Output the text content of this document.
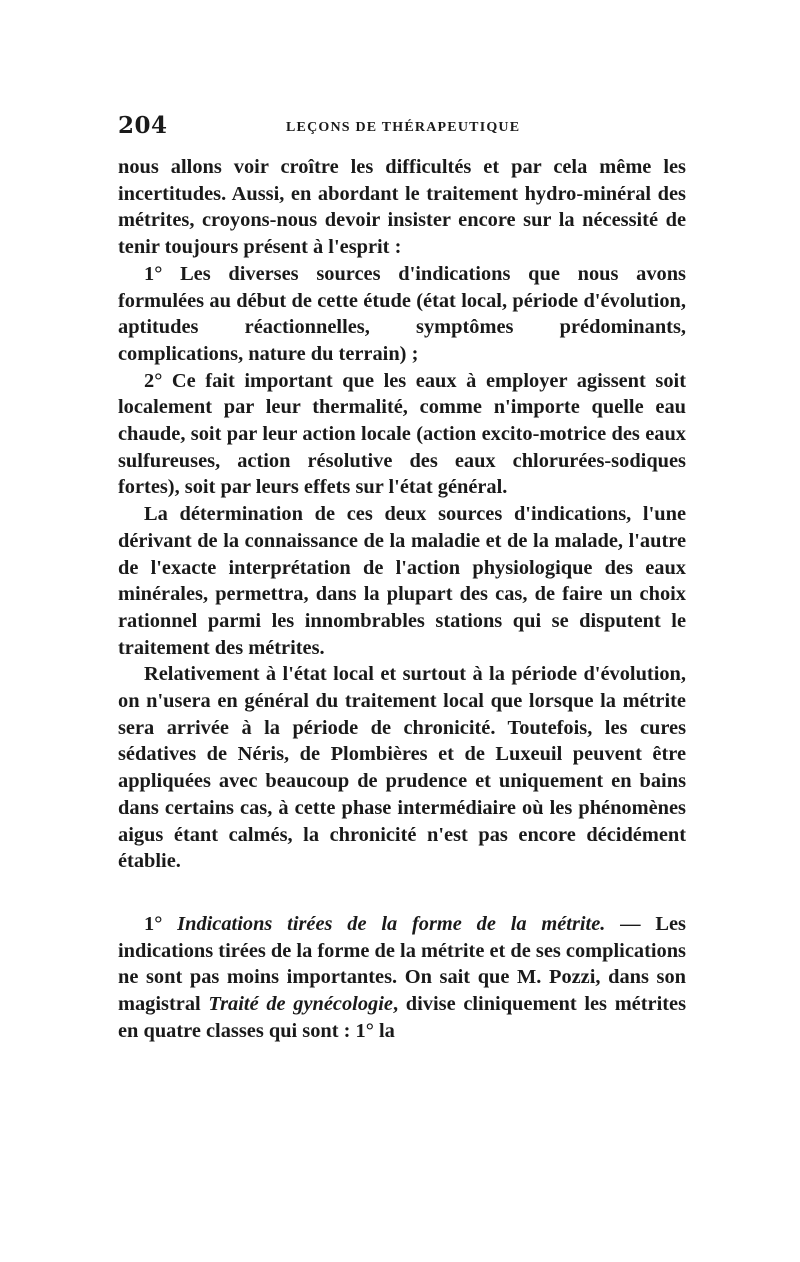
204	LEÇONS DE THÉRAPEUTIQUE

nous allons voir croître les difficultés et par cela même les incertitudes. Aussi, en abordant le traitement hydro-minéral des métrites, croyons-nous devoir insister encore sur la nécessité de tenir toujours présent à l'esprit :

1° Les diverses sources d'indications que nous avons formulées au début de cette étude (état local, période d'évolution, aptitudes réactionnelles, symptômes prédominants, complications, nature du terrain) ;

2° Ce fait important que les eaux à employer agissent soit localement par leur thermalité, comme n'importe quelle eau chaude, soit par leur action locale (action excito-motrice des eaux sulfureuses, action résolutive des eaux chlorurées-sodiques fortes), soit par leurs effets sur l'état général.

La détermination de ces deux sources d'indications, l'une dérivant de la connaissance de la maladie et de la malade, l'autre de l'exacte interprétation de l'action physiologique des eaux minérales, permettra, dans la plupart des cas, de faire un choix rationnel parmi les innombrables stations qui se disputent le traitement des métrites.

Relativement à l'état local et surtout à la période d'évolution, on n'usera en général du traitement local que lorsque la métrite sera arrivée à la période de chronicité. Toutefois, les cures sédatives de Néris, de Plombières et de Luxeuil peuvent être appliquées avec beaucoup de prudence et uniquement en bains dans certains cas, à cette phase intermédiaire où les phénomènes aigus étant calmés, la chronicité n'est pas encore décidément établie.

1° Indications tirées de la forme de la métrite. — Les indications tirées de la forme de la métrite et de ses complications ne sont pas moins importantes. On sait que M. Pozzi, dans son magistral Traité de gynécologie, divise cliniquement les métrites en quatre classes qui sont : 1° la
